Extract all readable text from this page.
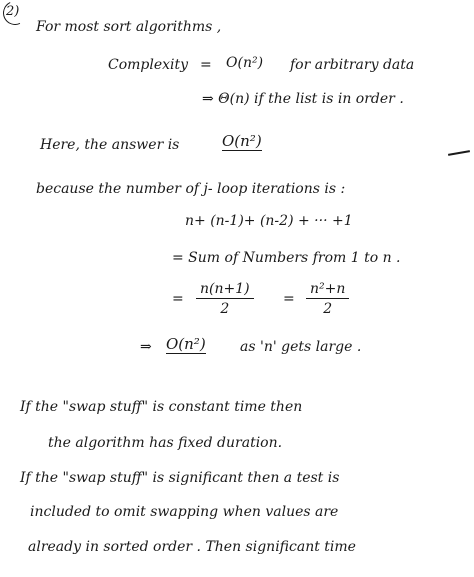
2)
For most sort algorithms ,
Complexity = O(n²) for arbitrary data
⇒ Θ(n) if the list is in order .
Here, the answer is	O(n²)
because the number of j- loop iterations is :
n+ (n-1)+ (n-2) + ··· +1
= Sum of Numbers from 1 to n .
= $\frac{n(n+1)}{2} = \frac{\text{n²+n}}{2}$
⇒ O(n²) as 'n' gets large .
If the "swap stuff" is constant time then
the algorithm has fixed duration.
If the "swap stuff" is significant then a test is
included to omit swapping when values are
already in sorted order . Then significant time
